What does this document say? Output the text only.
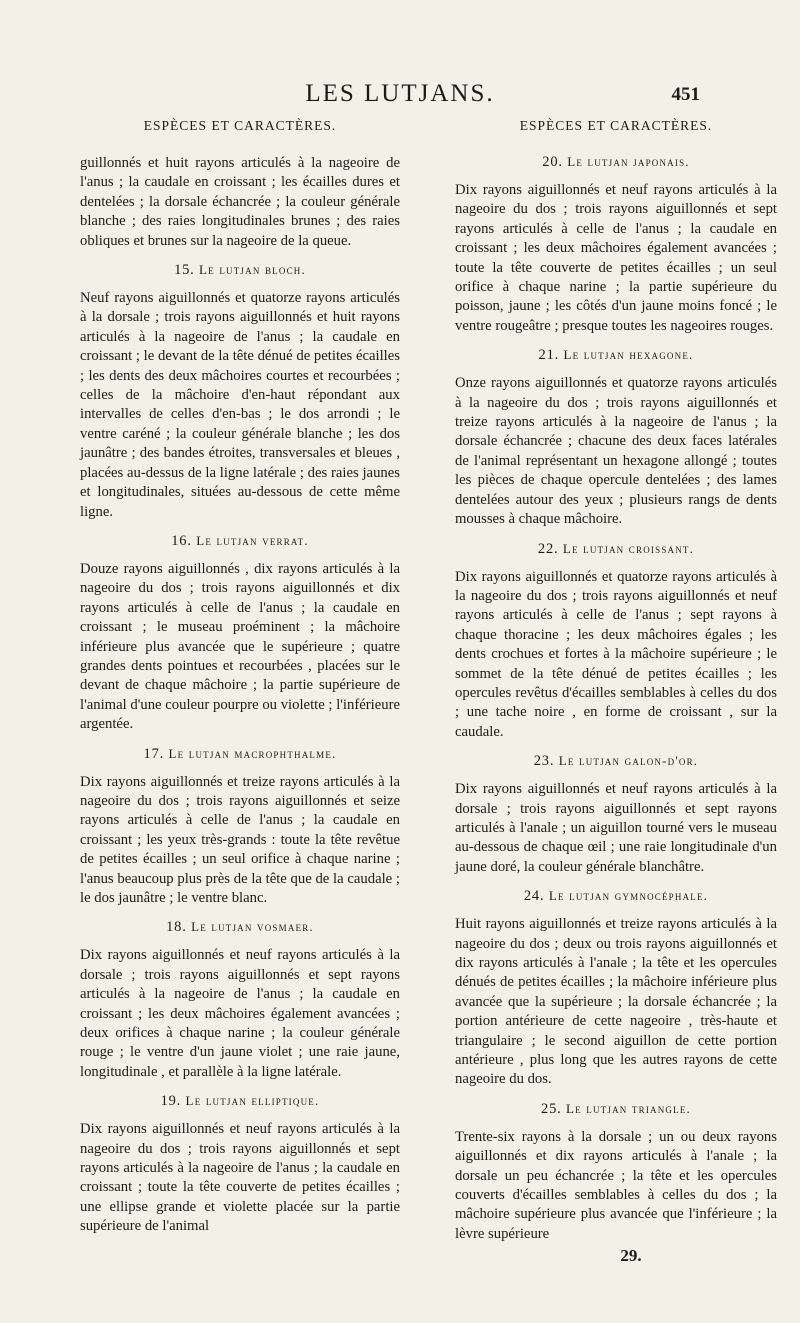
LES LUTJANS.	451
ESPÈCES ET CARACTÈRES.

guillonnés et huit rayons articulés à la nageoire de l'anus ; la caudale en croissant ; les écailles dures et dentelées ; la dorsale échancrée ; la couleur générale blanche ; des raies longitudinales brunes ; des raies obliques et brunes sur la nageoire de la queue.

15. Le lutjan bloch.

Neuf rayons aiguillonnés et quatorze rayons articulés à la dorsale ; trois rayons aiguillonnés et huit rayons articulés à la nageoire de l'anus ; la caudale en croissant ; le devant de la tête dénué de petites écailles ; les dents des deux mâchoires courtes et recourbées ; celles de la mâchoire d'en-haut répondant aux intervalles de celles d'en-bas ; le dos arrondi ; le ventre caréné ; la couleur générale blanche ; les dos jaunâtre ; des bandes étroites, transversales et bleues , placées au-dessus de la ligne latérale ; des raies jaunes et longitudinales, situées au-dessous de cette même ligne.

16. Le lutjan verrat.

Douze rayons aiguillonnés , dix rayons articulés à la nageoire du dos ; trois rayons aiguillonnés et dix rayons articulés à celle de l'anus ; la caudale en croissant ; le museau proéminent ; la mâchoire inférieure plus avancée que le supérieure ; quatre grandes dents pointues et recourbées , placées sur le devant de chaque mâchoire ; la partie supérieure de l'animal d'une couleur pourpre ou violette ; l'inférieure argentée.

17. Le lutjan macrophthalme.

Dix rayons aiguillonnés et treize rayons articulés à la nageoire du dos ; trois rayons aiguillonnés et seize rayons articulés à celle de l'anus ; la caudale en croissant ; les yeux très-grands : toute la tête revêtue de petites écailles ; un seul orifice à chaque narine ; l'anus beaucoup plus près de la tête que de la caudale ; le dos jaunâtre ; le ventre blanc.

18. Le lutjan vosmaer.

Dix rayons aiguillonnés et neuf rayons articulés à la dorsale ; trois rayons aiguillonnés et sept rayons articulés à la nageoire de l'anus ; la caudale en croissant ; les deux mâchoires également avancées ; deux orifices à chaque narine ; la couleur générale rouge ; le ventre d'un jaune violet ; une raie jaune, longitudinale , et parallèle à la ligne latérale.

19. Le lutjan elliptique.

Dix rayons aiguillonnés et neuf rayons articulés à la nageoire du dos ; trois rayons aiguillonnés et sept rayons articulés à la nageoire de l'anus ; la caudale en croissant ; toute la tête couverte de petites écailles ; une ellipse grande et violette placée sur la partie supérieure de l'animal

ESPÈCES ET CARACTÈRES.
20. Le lutjan japonais.

Dix rayons aiguillonnés et neuf rayons articulés à la nageoire du dos ; trois rayons aiguillonnés et sept rayons articulés à celle de l'anus ; la caudale en croissant ; les deux mâchoires également avancées ; toute la tête couverte de petites écailles ; un seul orifice à chaque narine ; la partie supérieure du poisson, jaune ; les côtés d'un jaune moins foncé ; le ventre rougeâtre ; presque toutes les nageoires rouges.

21. Le lutjan hexagone.

Onze rayons aiguillonnés et quatorze rayons articulés à la nageoire du dos ; trois rayons aiguillonnés et treize rayons articulés à la nageoire de l'anus ; la dorsale échancrée ; chacune des deux faces latérales de l'animal représentant un hexagone allongé ; toutes les pièces de chaque opercule dentelées ; des lames dentelées autour des yeux ; plusieurs rangs de dents mousses à chaque mâchoire.

22. Le lutjan croissant.

Dix rayons aiguillonnés et quatorze rayons articulés à la nageoire du dos ; trois rayons aiguillonnés et neuf rayons articulés à celle de l'anus ; sept rayons à chaque thoracine ; les deux mâchoires égales ; les dents crochues et fortes à la mâchoire supérieure ; le sommet de la tête dénué de petites écailles ; les opercules revêtus d'écailles semblables à celles du dos ; une tache noire , en forme de croissant , sur la caudale.

23. Le lutjan galon-d'or.

Dix rayons aiguillonnés et neuf rayons articulés à la dorsale ; trois rayons aiguillonnés et sept rayons articulés à l'anale ; un aiguillon tourné vers le museau au-dessous de chaque œil ; une raie longitudinale d'un jaune doré, la couleur générale blanchâtre.

24. Le lutjan gymnocéphale.

Huit rayons aiguillonnés et treize rayons articulés à la nageoire du dos ; deux ou trois rayons aiguillonnés et dix rayons articulés à l'anale ; la tête et les opercules dénués de petites écailles ; la mâchoire inférieure plus avancée que la supérieure ; la dorsale échancrée ; la portion antérieure de cette nageoire , très-haute et triangulaire ; le second aiguillon de cette portion antérieure , plus long que les autres rayons de cette nageoire du dos.

25. Le lutjan triangle.

Trente-six rayons à la dorsale ; un ou deux rayons aiguillonnés et dix rayons articulés à l'anale ; la dorsale un peu échancrée ; la tête et les opercules couverts d'écailles semblables à celles du dos ; la mâchoire supérieure plus avancée que l'inférieure ; la lèvre supérieure

29.
